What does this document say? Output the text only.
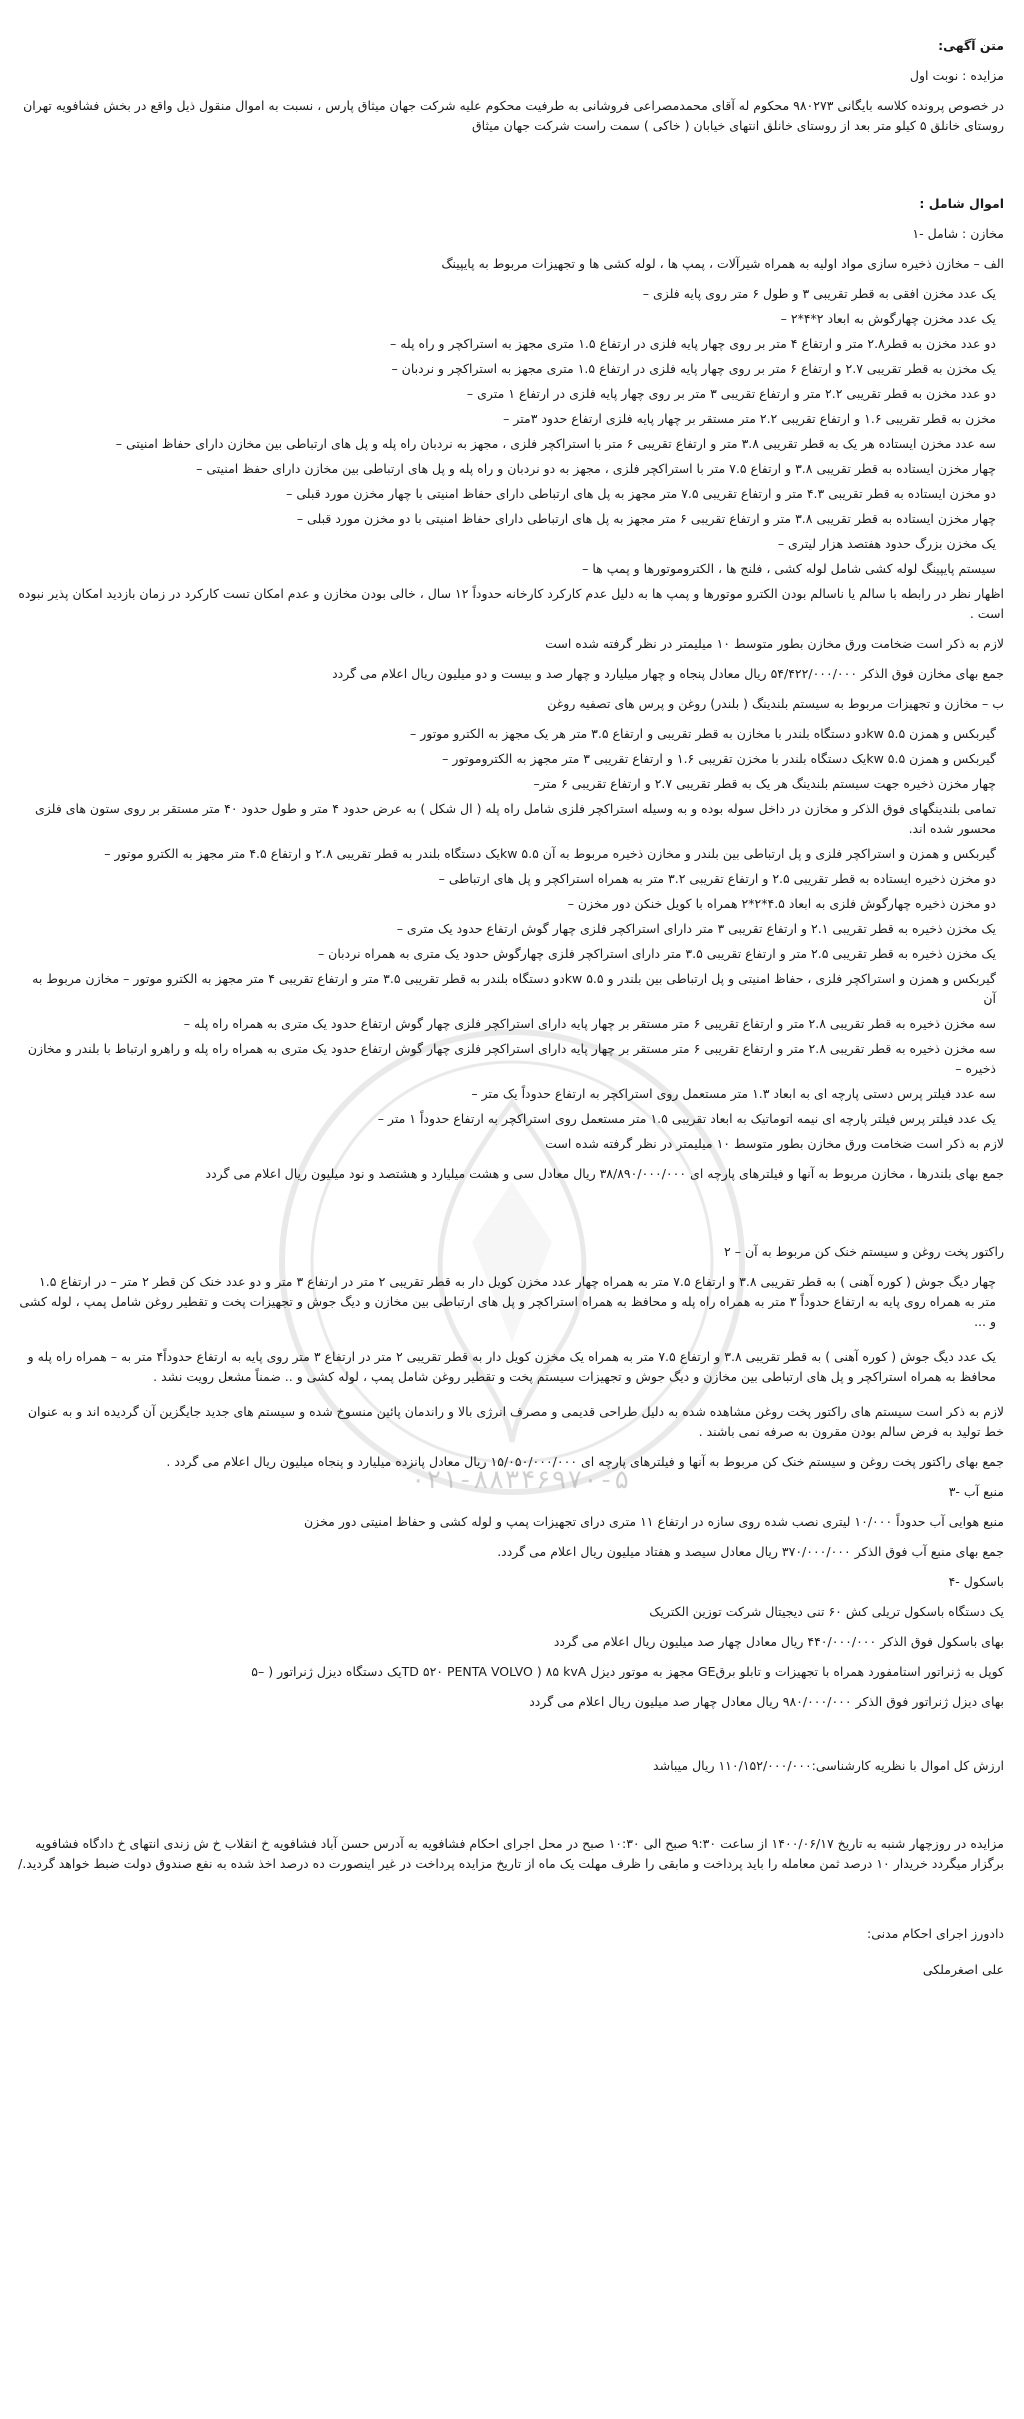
۰۲۱-۸۸۳۴۶۹۷۰-۵

متن آگهی:

مزایده : نوبت اول

در خصوص پرونده کلاسه بایگانی ۹۸۰۲۷۳ محکوم له آقای محمدمصراعی فروشانی به طرفیت محکوم علیه شرکت جهان میثاق پارس ، نسبت به اموال منقول ذیل واقع در بخش فشافویه تهران روستای خانلق ۵ کیلو متر بعد از روستای خانلق انتهای خیابان ( خاکی ) سمت راست شرکت جهان میثاق

اموال شامل :

مخازن : شامل -۱

الف – مخازن ذخیره سازی مواد اولیه به همراه شیرآلات ، پمپ ها ، لوله کشی ها و تجهیزات مربوط به پایپینگ

یک عدد مخزن افقی به قطر تقریبی ۳ و طول ۶ متر روی پایه فلزی –

یک عدد مخزن چهارگوش به ابعاد ۲*۴*۲ –

دو عدد مخزن به قطر۲.۸ متر و ارتفاع ۴ متر بر روی چهار پایه فلزی در ارتفاع ۱.۵ متری مجهز به استراکچر و راه پله –

یک مخزن به قطر تقریبی ۲.۷ و ارتفاع ۶ متر بر روی چهار پایه فلزی در ارتفاع ۱.۵ متری مجهز به استراکچر و نردبان –

دو عدد مخزن به قطر تقریبی ۲.۲ متر و ارتفاع تقریبی ۳ متر بر روی چهار پایه فلزی در ارتفاع ۱ متری –

مخزن به قطر تقریبی ۱.۶ و ارتفاع تقریبی ۲.۲ متر مستقر بر چهار پایه فلزی ارتفاع حدود ۳متر –

سه عدد مخزن ایستاده هر یک به قطر تقریبی ۳.۸ متر و ارتفاع تقریبی ۶ متر با استراکچر فلزی ، مجهز به نردبان راه پله و پل های ارتباطی بین مخازن دارای حفاظ امنیتی –

چهار مخزن ایستاده به قطر تقریبی ۳.۸ و ارتفاع ۷.۵ متر با استراکچر فلزی ، مجهز به دو نردبان و راه پله و پل های ارتباطی بین مخازن دارای حفظ امنیتی –

دو مخزن ایستاده به قطر تقریبی ۴.۳ متر و ارتفاع تقریبی ۷.۵ متر مجهز به پل های ارتباطی دارای حفاظ امنیتی با چهار مخزن مورد قبلی –

چهار مخزن ایستاده به قطر تقریبی ۳.۸ متر و ارتفاع تقریبی ۶ متر مجهز به پل های ارتباطی دارای حفاظ امنیتی با دو مخزن مورد قبلی –

یک مخزن بزرگ حدود هفتصد هزار لیتری –

سیستم پایپینگ لوله کشی شامل لوله کشی ، فلنج ها ، الکتروموتورها و پمپ ها –

اظهار نظر در رابطه با سالم یا ناسالم بودن الکترو موتورها و پمپ ها به دلیل عدم کارکرد کارخانه حدوداً ۱۲ سال ، خالی بودن مخازن و عدم امکان تست کارکرد در زمان بازدید امکان پذیر نبوده است .

لازم به ذکر است ضخامت ورق مخازن بطور متوسط ۱۰ میلیمتر در نظر گرفته شده است

جمع بهای مخازن فوق الذکر ۵۴/۴۲۲/۰۰۰/۰۰۰ ریال معادل پنجاه و چهار میلیارد و چهار صد و بیست و دو میلیون ریال اعلام می گردد

ب – مخازن و تجهیزات مربوط به سیستم بلندینگ ( بلندر) روغن و پرس های تصفیه روغن

گیربکس و همزن ۵.۵ kwدو دستگاه بلندر با مخازن به قطر تقریبی و ارتفاع ۳.۵ متر هر یک مجهز به الکترو موتور –

گیربکس و همزن ۵.۵ kwیک دستگاه بلندر با مخزن تقریبی ۱.۶ و ارتفاع تقریبی ۳ متر مجهز به الکتروموتور –

چهار مخزن ذخیره جهت سیستم بلندینگ هر یک به قطر تقریبی ۲.۷ و ارتفاع تقریبی ۶ متر–

تمامی بلندینگهای فوق الذکر و مخازن در داخل سوله بوده و به وسیله استراکچر فلزی شامل راه پله ( ال شکل ) به عرض حدود ۴ متر و طول حدود ۴۰ متر مستقر بر روی ستون های فلزی محسور شده اند.

گیربکس و همزن و استراکچر فلزی و پل ارتباطی بین بلندر و مخازن ذخیره مربوط به آن ۵.۵ kwیک دستگاه بلندر به قطر تقریبی ۲.۸ و ارتفاع ۴.۵ متر مجهز به الکترو موتور –

دو مخزن ذخیره ایستاده به قطر تقریبی ۲.۵ و ارتفاع تقریبی ۳.۲ متر به همراه استراکچر و پل های ارتباطی –

دو مخزن ذخیره چهارگوش فلزی به ابعاد ۴.۵*۲*۲ همراه با کویل خنکن دور مخزن –

یک مخزن ذخیره به قطر تقریبی ۲.۱ و ارتفاع تقریبی ۳ متر دارای استراکچر فلزی چهار گوش ارتفاع حدود یک متری –

یک مخزن ذخیره به قطر تقریبی ۲.۵ متر و ارتفاع تقریبی ۳.۵ متر دارای استراکچر فلزی چهارگوش حدود یک متری به همراه نردبان –

گیربکس و همزن و استراکچر فلزی ، حفاظ امنیتی و پل ارتباطی بین بلندر و ۵.۵ kwدو دستگاه بلندر به قطر تقریبی ۳.۵ متر و ارتفاع تقریبی ۴ متر مجهز به الکترو موتور – مخازن مربوط به آن

سه مخزن ذخیره به قطر تقریبی ۲.۸ متر و ارتفاع تقریبی ۶ متر مستقر بر چهار پایه دارای استراکچر فلزی چهار گوش ارتفاع حدود یک متری به همراه راه پله –

سه مخزن ذخیره به قطر تقریبی ۲.۸ متر و ارتفاع تقریبی ۶ متر مستقر بر چهار پایه دارای استراکچر فلزی چهار گوش ارتفاع حدود یک متری به همراه راه پله و راهرو ارتباط با بلندر و مخازن ذخیره –

سه عدد فیلتر پرس دستی پارچه ای به ابعاد ۱.۳ متر مستعمل روی استراکچر به ارتفاع حدوداً یک متر –

یک عدد فیلتر پرس فیلتر پارچه ای نیمه اتوماتیک به ابعاد تقریبی ۱.۵ متر مستعمل روی استراکچر به ارتفاع حدوداً ۱ متر –

لازم به ذکر است ضخامت ورق مخازن بطور متوسط ۱۰ میلیمتر در نظر گرفته شده است

جمع بهای بلندرها ، مخازن مربوط به آنها و فیلترهای پارچه ای ۳۸/۸۹۰/۰۰۰/۰۰۰ ریال معادل سی و هشت میلیارد و هشتصد و نود میلیون ریال اعلام می گردد

راکتور پخت روغن و سیستم خنک کن مربوط به آن – ۲

چهار دیگ جوش ( کوره آهنی ) به قطر تقریبی ۳.۸ و ارتفاع ۷.۵ متر به همراه چهار عدد مخزن کویل دار به قطر تقریبی ۲ متر در ارتفاع ۳ متر و دو عدد خنک کن قطر ۲ متر – در ارتفاع ۱.۵ متر به همراه روی پایه به ارتفاع حدوداً ۳ متر به همراه راه پله و محافظ به همراه استراکچر و پل های ارتباطی بین مخازن و دیگ جوش و تجهیزات پخت و تقطیر روغن شامل پمپ ، لوله کشی و ...

یک عدد دیگ جوش ( کوره آهنی ) به قطر تقریبی ۳.۸ و ارتفاع ۷.۵ متر به همراه یک مخزن کویل دار به قطر تقریبی ۲ متر در ارتفاع ۳ متر روی پایه به ارتفاع حدوداً۴ متر به – همراه راه پله و محافظ به همراه استراکچر و پل های ارتباطی بین مخازن و دیگ جوش و تجهیزات سیستم پخت و تقطیر روغن شامل پمپ ، لوله کشی و .. ضمناً مشعل رویت نشد .

لازم به ذکر است سیستم های راکتور پخت روغن مشاهده شده به دلیل طراحی قدیمی و مصرف انرژی بالا و راندمان پائین منسوخ شده و سیستم های جدید جایگزین آن گردیده اند و به عنوان خط تولید به فرض سالم بودن مقرون به صرفه نمی باشند .

جمع بهای راکتور پخت روغن و سیستم خنک کن مربوط به آنها و فیلترهای پارچه ای ۱۵/۰۵۰/۰۰۰/۰۰۰ ریال معادل پانزده میلیارد و پنجاه میلیون ریال اعلام می گردد .

منبع آب -۳

منبع هوایی آب حدوداً ۱۰/۰۰۰ لیتری نصب شده روی سازه در ارتفاع ۱۱ متری درای تجهیزات پمپ و لوله کشی و حفاظ امنیتی دور مخزن

جمع بهای منبع آب فوق الذکر ۳۷۰/۰۰۰/۰۰۰ ریال معادل سیصد و هفتاد میلیون ریال اعلام می گردد.

باسکول -۴

یک دستگاه باسکول تریلی کش ۶۰ تنی دیجیتال شرکت توزین الکتریک

بهای باسکول فوق الذکر ۴۴۰/۰۰۰/۰۰۰ ریال معادل چهار صد میلیون ریال اعلام می گردد

کوپل به ژنراتور استامفورد همراه با تجهیزات و تابلو برقGE مجهز به موتور دیزل TD ۵۲۰ PENTA VOLVO ) ۸۵ kvAیک دستگاه دیزل ژنراتور ( –۵

بهای دیزل ژنراتور فوق الذکر ۹۸۰/۰۰۰/۰۰۰ ریال معادل چهار صد میلیون ریال اعلام می گردد

ارزش کل اموال با نظریه کارشناسی:۱۱۰/۱۵۲/۰۰۰/۰۰۰ ریال میباشد

مزایده در روزچهار شنبه به تاریخ ۱۴۰۰/۰۶/۱۷ از ساعت ۹:۳۰ صبح الی ۱۰:۳۰ صبح در محل اجرای احکام فشافویه به آدرس حسن آباد فشافویه خ انقلاب خ ش زندی انتهای خ دادگاه فشافویه برگزار میگردد خریدار ۱۰ درصد ثمن معامله را باید پرداخت و مابقی را ظرف مهلت یک ماه از تاریخ مزایده پرداخت در غیر اینصورت ده درصد اخذ شده به نفع صندوق دولت ضبط خواهد گردید./

دادورز اجرای احکام مدنی:

علی اصغرملکی
